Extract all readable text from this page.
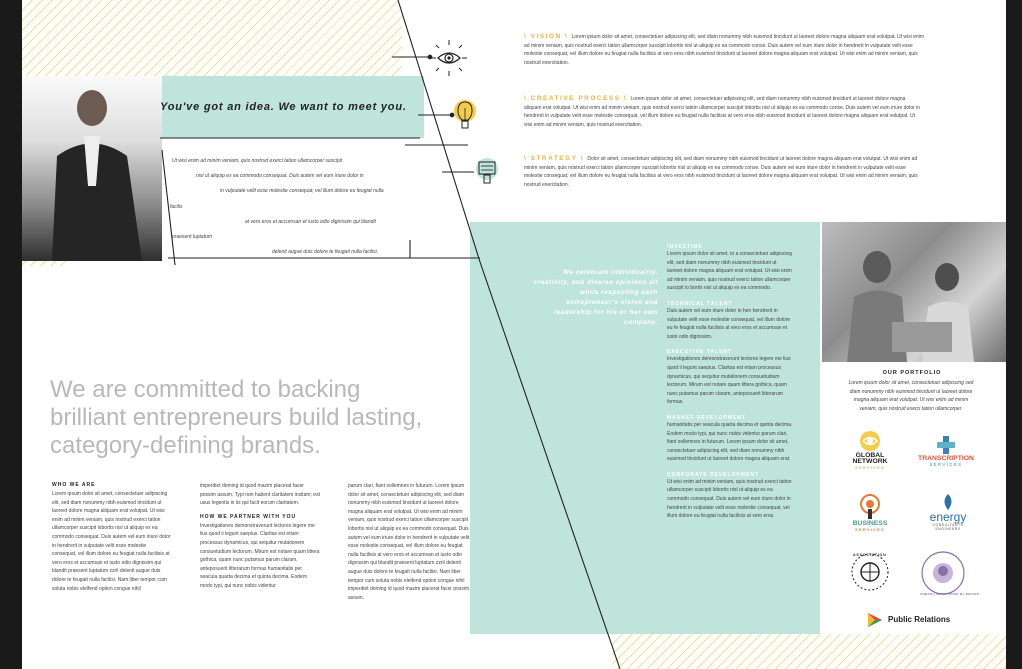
You've got an idea. We want to meet you.
Ut wisi enim ad minim veniam, quis nostrud exerci tation ullamcorper suscipit
nisl ut aliquip ex ea commodo consequat. Duis autem vel eum iriure dolor in
in vulputate velit esse molestie consequat, vel illum dolore eu feugiat nulla
facilis
at vero eros et accumsan et iusto odio dignissim qui blandit
praesent luptatum
delenit augue duis dolore te feugait nulla facilisi.
We celebrate individuality, creativity, and diverse opinions all while respecting each entrepreneur's vision and leadership for his or her own company.

\ VISION \ Lorem ipsum dolor sit amet, consectetuer adipiscing elit, sed diam nonummy nibh euismod tincidunt ut laoreet dolore magna aliquam erat volutpat. Ut wisi enim ad minim veniam, quis nostrud exerci tation ullamcorper suscipit lobortis nisl ut aliquip ex ea commodo conse. Duis autem vel eum iriure dolor in hendrerit in vulputate velit esse molestie consequat, vel illum dolore eu feugiat nulla facilisis at vero eros nibh euismod tincidunt ut laoreet dolore magna aliquam erat volutpat. Ut wisi enim ad minim veniam, quis nostrud exercitation.

\ CREATIVE PROCESS \ Lorem ipsum dolor sit amet, consectetuer adipiscing elit, sed diam nonummy nibh euismod tincidunt ut laoreet dolore magna aliquam erat volutpat. Ut wisi enim ad minim veniam, quis nostrud exerci tation ullamcorper suscipit lobortis nisl ut aliquip ex ea commodo conse. Duis autem vel eum iriure dolor in hendrerit in vulputate velit esse molestie consequat, vel illum dolore eu feugiat nulla facilisis at vero eros nibh euismod tincidunt ut laoreet dolore magna aliquam erat volutpat. Ut wisi enim ad minim veniam, quis nostrud exercitation.

\ STRATEGY \ Dolor sit amet, consectetuer adipiscing elit, sed diam nonummy nibh euismod tincidunt ut laoreet dolore magna aliquam erat volutpat. Ut wisi enim ad minim veniam, quis nostrud exerci tation ullamcorper suscipit lobortis nisl ut aliquip ex ea commodo conse. Duis autem vel eum iriure dolor in hendrerit in vulputate velit esse molestie consequat, vel illum dolore eu feugiat nulla facilisis at vero eros nibh euismod tincidunt ut laoreet dolore magna aliquam erat volutpat. Ut wisi enim ad minim veniam, quis nostrud exercitation.

INVESTING

Lorem ipsum dolor sit amet, to a consectetuer adipiscing elit, sed diam nonummy nibh euismod tincidunt ut laoreet dolore magna aliquam erat volutpat. Ut wisi enim ad minim veniam, quis nostrud exerci tation ullamcorper suscipit lo bortis nisl ut aliquip ex ea commodo.

TECHNICAL TALENT

Duis autem vel eum iriure dolor in hen hendrerit in vulputate velit esse molestie consequat, vel illum dolore eu fe feugiat nulla facilisis at vero eros et accumsan et iusto odio dignissim.

EXECUTIVE TALENT

Investigationes demonstraverunt lectores legere me lius quod ii legunt saepius. Claritas est etiam processus dynamicus, qui sequitur mutationem consuetudium lectorum. Mirum est notare quam littera gothica, quam nunc putamus parum claram, anteposuerit litterarum formas.

MARKET DEVELOPMENT

humanitatis per seacula quarta decima et quinta decima. Eodem modo typi, qui nunc nobis videntur parum clari, fiant sollemnes in futurum. Lorem ipsum dolor sit amet, consectetuer adipiscing elit, sed diam nonummy nibh euismod tincidunt ut laoreet dolore magna aliquam erat.

CORPORATE DEVELOPMENT

Ut wisi enim ad minim veniam, quis nostrud exerci tation ullamcorper suscipit lobortis nisl ut aliquip ex ea commodo consequat. Duis autem vel eum iriure dolor in hendrerit in vulputate velit esse molestie consequat, vel illum dolore eu feugiat nulla facilisis at vero eros.

OUR PORTFOLIO
Lorem ipsum dolor sit amet, consectetuer adipiscing sed diam nonummy nibh euismod tincidunt ut laoreet dolore magna aliquam erat volutpat. Ut wisi enim ad minim veniam, quis nostrud exerci tation ullamcorper.
GLOBAL
NETWORK
SERVICES
TRANSCRIPTION
SERVICES
BUSINESS
SERVICES
energy
CONSULTANTS
ENGINEERS
ASSOCIATION
URBAN LANDSCAPING BY DESIGN
Public Relations
We are committed to backing
brilliant entrepreneurs build lasting,
category-defining brands.
WHO WE ARE

Lorem ipsum dolor sit amet, consectetuer adipiscing elit, sed diam nonummy nibh euismod tincidunt ut laoreet dolore magna aliquam erat volutpat. Ut wisi enim ad minim veniam, quis nostrud exerci tation ullamcorper suscipit lobortis nisl ut aliquip ex ea commodo consequat. Duis autem vel eum iriure dolor in hendrerit in vulputate velit esse molestie consequat, vel illum dolore eu feugiat nulla facilisis at vero eros et accumsan et iusto odio dignissim qui blandit praesent luptatum zzril delenit augue duis dolore te feugait nulla facilisi. Nam liber tempor cum soluta nobis eleifend option congue nihil

imperdiet doming id quod mazim placerat facer possim assum. Typi non habent claritatem insitam; est usus legentis in iis qui facit eorum claritatem.

HOW WE PARTNER WITH YOU

Investigationes demonstraverunt lectores legere me lius quod ii legunt saepius. Claritas est etiam processus dynamicus, qui sequitur mutationem consuetudium lectorum. Mirum est notare quam littera gothica, quam nunc putamus parum claram, anteposuerit litterarum formas humanitatis per seacula quarta decima et quinta decima. Eodem modo typi, qui nunc nobis videntur

parum clari, fiant sollemnes in futurum. Lorem ipsum dolor sit amet, consectetuer adipiscing elit, sed diam nonummy nibh euismod tincidunt ut laoreet dolore magna aliquam erat volutpat. Ut wisi enim ad minim veniam, quis nostrud exerci tation ullamcorper suscipit lobortis nisl ut aliquip ex ea commodo consequat. Duis autem vel eum iriure dolor in hendrerit in vulputate velit esse molestie consequat, vel illum dolore eu feugiat nulla facilisis at vero eros et accumsan et iusto odio dignissim qui blandit praesent luptatum zzril delenit augue duis dolore te feugait nulla facilisi. Nam liber tempor cum soluta nobis eleifend option congue nihil imperdiet doming id quod mazim placerat facer possim assum.
